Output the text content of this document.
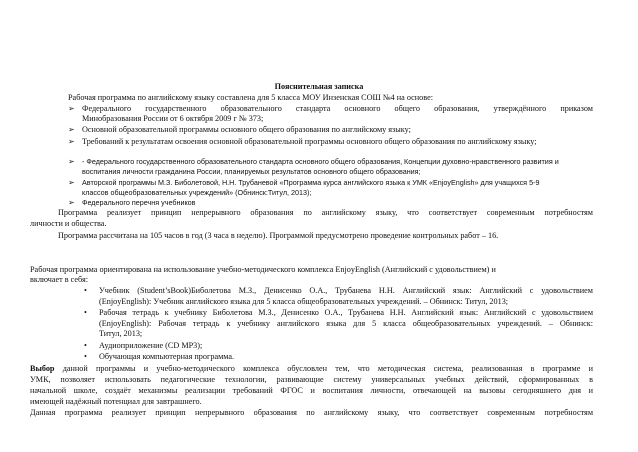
Пояснительная записка
Рабочая программа по английскому языку составлена для 5 класса МОУ Инзенская СОШ №4 на основе:
➢ Федерального государственного образовательного стандарта основного общего образования, утверждённого приказом
Минобразования России от 6 октября 2009 г № 373;
➢ Основной образовательной программы основного общего образования по английскому языку;
➢ Требований к результатам освоения основной образовательной программы основного общего образования по английскому языку;
➢ - Федерального государственного образовательного стандарта основного общего образования, Концепции духовно-нравственного развития и
воспитания личности гражданина России, планируемых результатов основного общего образования;
➢ Авторской программы М.З. Биболетовой, Н.Н. Трубаневой «Программа курса английского языка к УМК «EnjoyEnglish» для учащихся 5-9
классов общеобразовательных учреждений» (Обнинск:Титул, 2013);
➢ Федерального перечня учебников
Программа реализует принцип непрерывного образования по английскому языку, что соответствует современным потребностям
личности и общества.
Программа рассчитана на 105 часов в год (3 часа в неделю). Программой предусмотрено проведение контрольных работ – 16.
Рабочая программа ориентирована на использование учебно-методического комплекса EnjoyEnglish (Английский с удовольствием) и
включает в себя:
•	Учебник (Student’sBook)Биболетова М.З., Денисенко О.А., Трубанева Н.Н. Английский язык: Английский с удовольствием
(EnjoyEnglish): Учебник английского языка для 5 класса общеобразовательных учреждений. – Обнинск: Титул, 2013;
•	Рабочая тетрадь к учебнику Биболетова М.З., Денисенко О.А., Трубанева Н.Н. Английский язык: Английский с удовольствием
(EnjoyEnglish): Рабочая тетрадь к учебнику английского языка для 5 класса общеобразовательных учреждений. – Обнинск:
Титул, 2013;
•	Аудиоприложение (CD MP3);
•	Обучающая компьютерная программа.
Выбор данной программы и учебно-методического комплекса обусловлен тем, что методическая система, реализованная в программе и
УМК, позволяет использовать педагогические технологии, развивающие систему универсальных учебных действий, сформированных в
начальной школе, создаёт механизмы реализации требований ФГОС и воспитания личности, отвечающей на вызовы сегодняшнего дня и
имеющей надёжный потенциал для завтрашнего.
Данная программа реализует принцип непрерывного образования по английскому языку, что соответствует современным потребностям
